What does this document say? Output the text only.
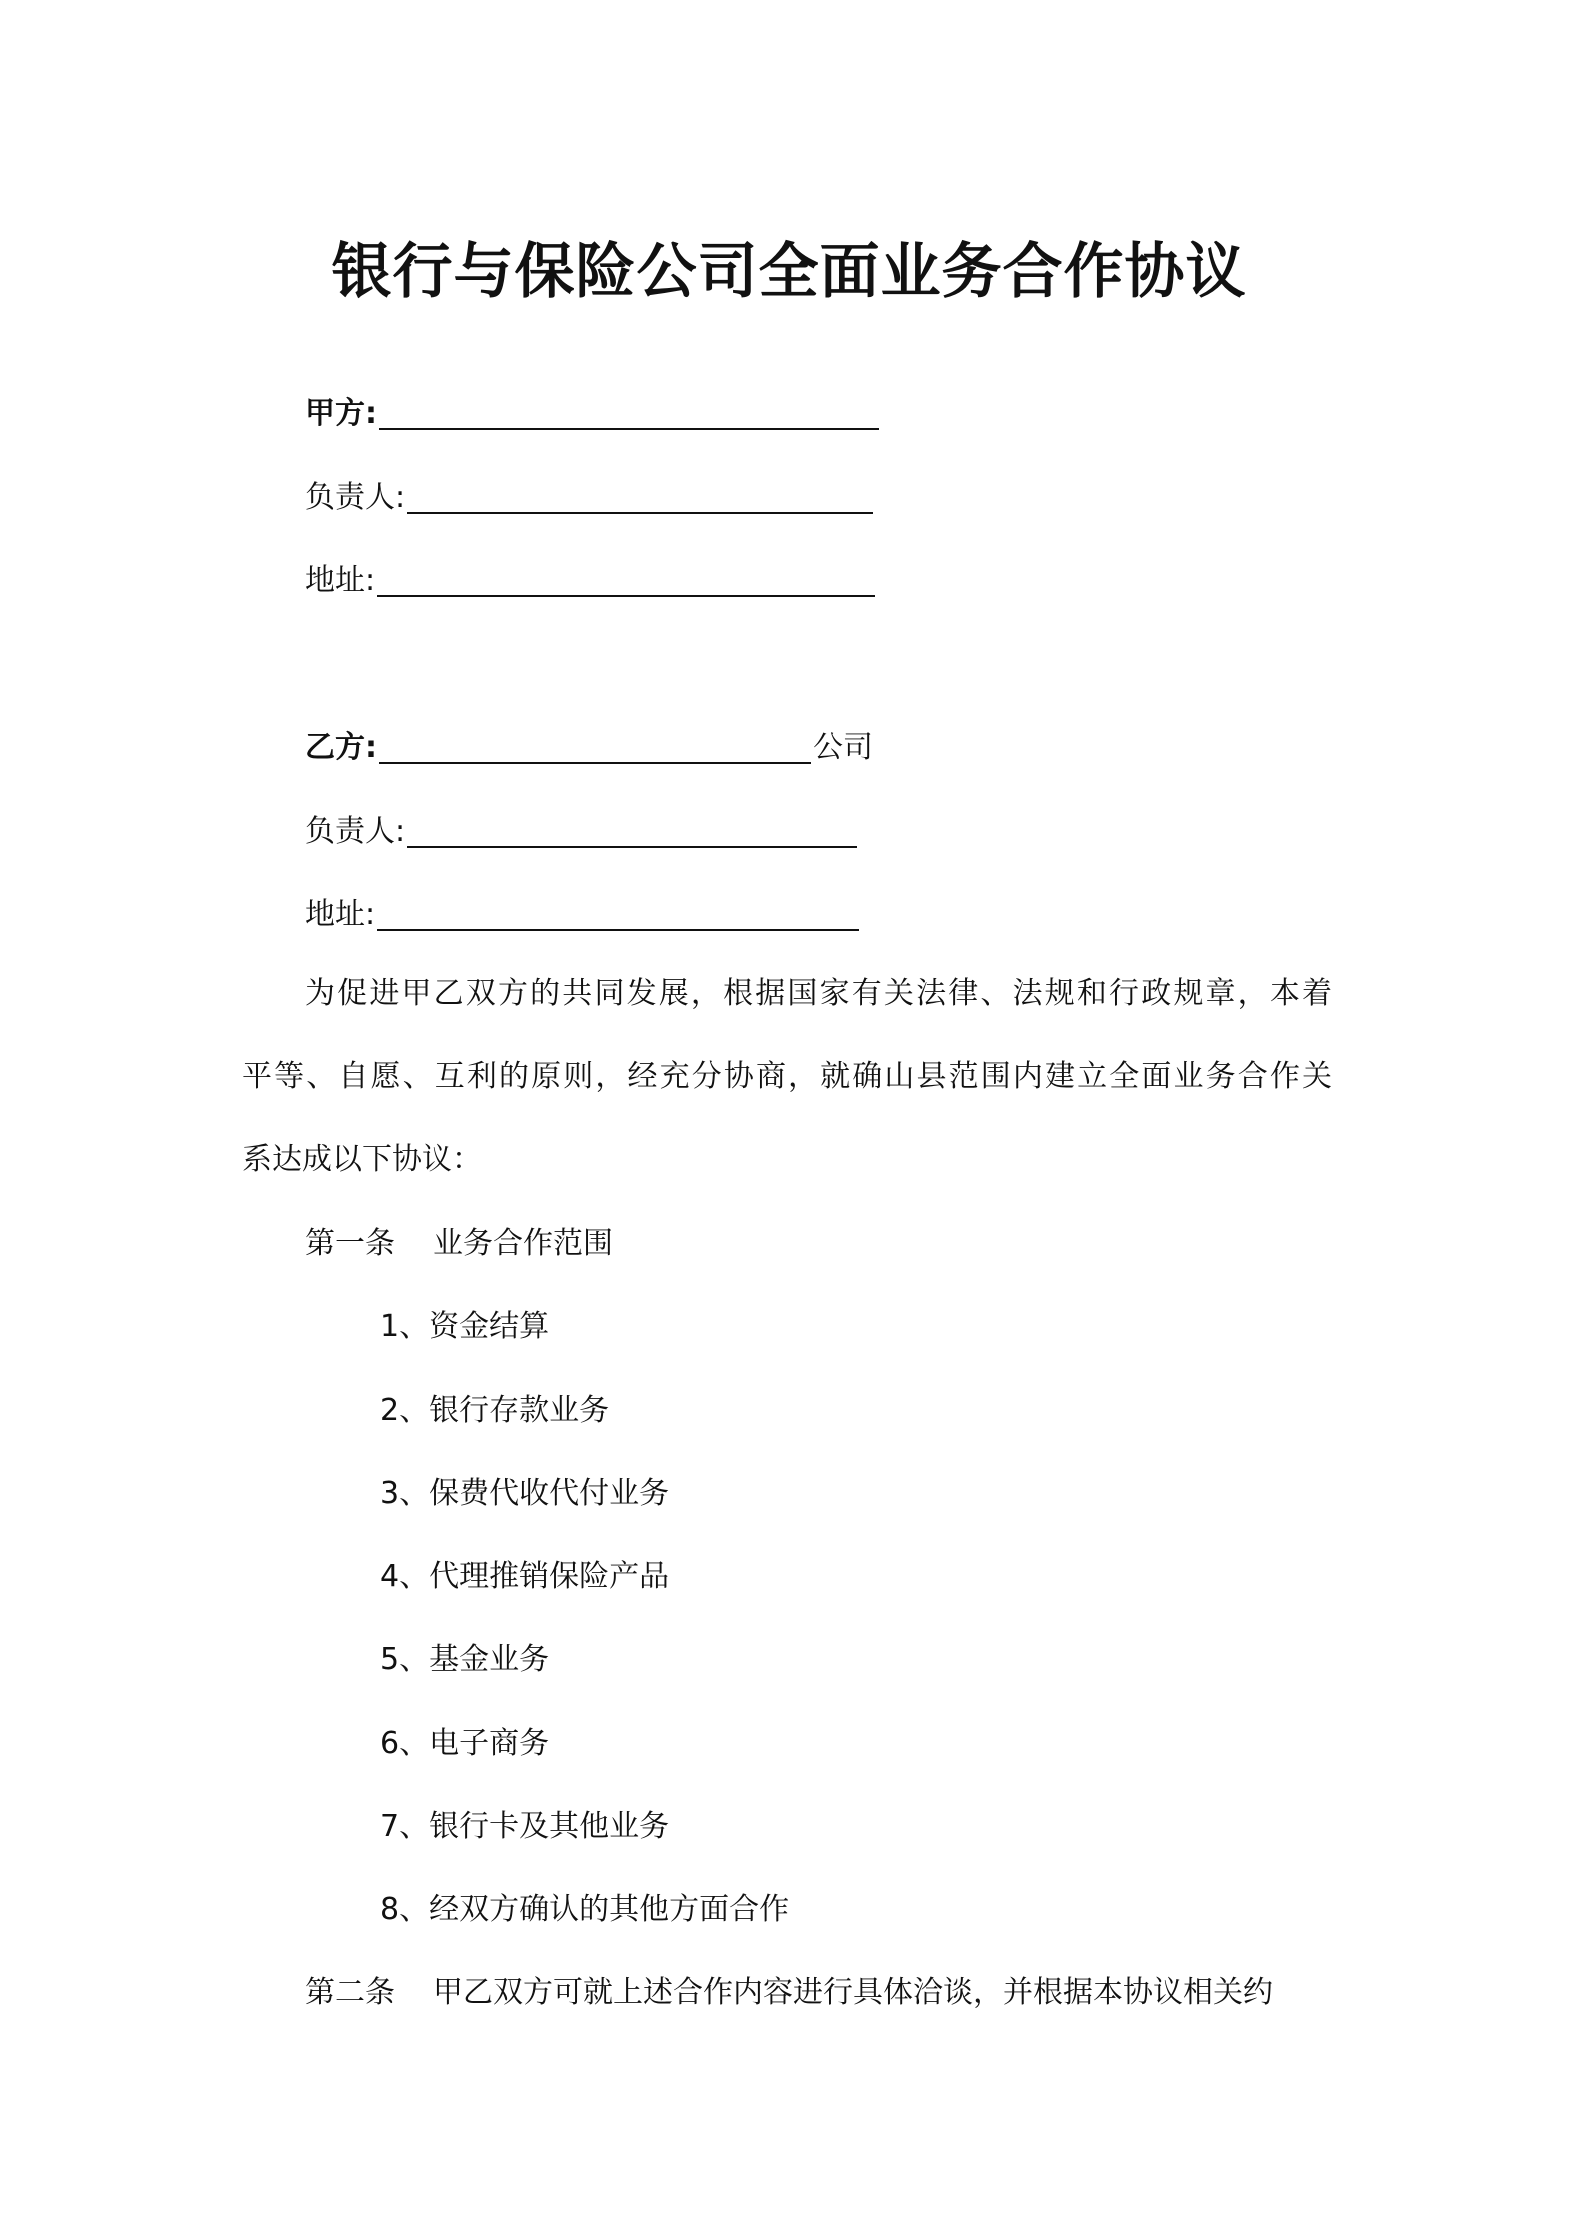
银行与保险公司全面业务合作协议
甲方:
负责人:
地址:
乙方:	公司
负责人:
地址:
为促进甲乙双方的共同发展，根据国家有关法律、法规和行政规章，本着
平等、自愿、互利的原则，经充分协商，就确山县范围内建立全面业务合作关
系达成以下协议：
第一条 业务合作范围
1、资金结算
2、银行存款业务
3、保费代收代付业务
4、代理推销保险产品
5、基金业务
6、电子商务
7、银行卡及其他业务
8、经双方确认的其他方面合作
第二条 甲乙双方可就上述合作内容进行具体洽谈，并根据本协议相关约
